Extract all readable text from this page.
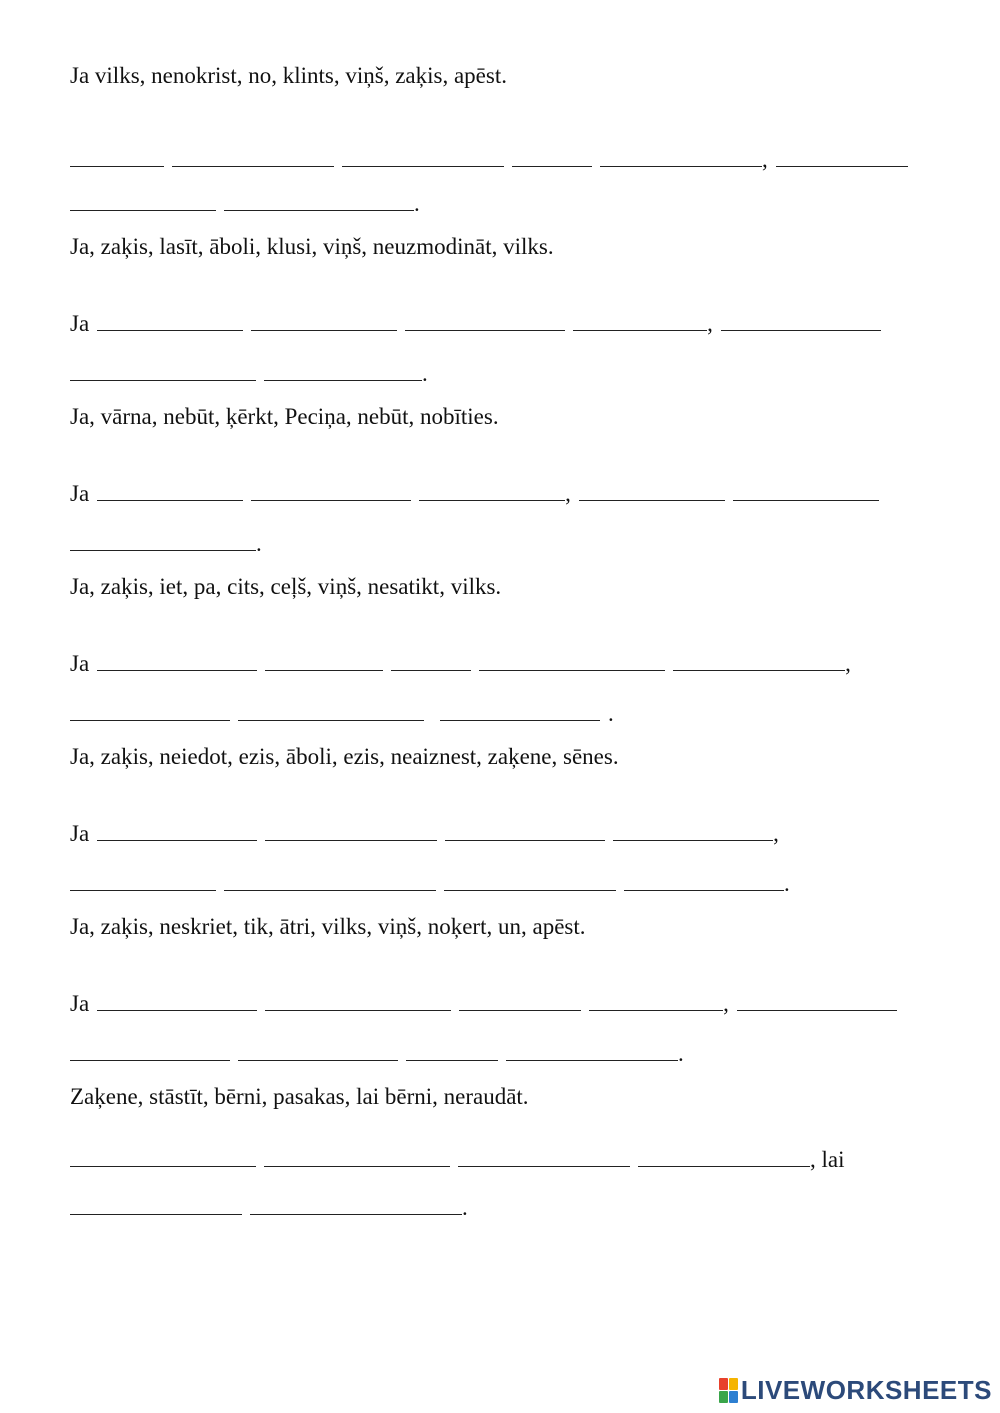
Ja vilks, nenokrist, no, klints, viņš, zaķis, apēst.
,
.
Ja, zaķis, lasīt, āboli, klusi, viņš, neuzmodināt, vilks.
Ja	,
.
Ja, vārna, nebūt, ķērkt, Peciņa, nebūt, nobīties.
Ja	,
.
Ja, zaķis, iet, pa, cits, ceļš, viņš, nesatikt, vilks.
Ja	,
.
Ja, zaķis, neiedot, ezis, āboli, ezis, neaiznest, zaķene, sēnes.
Ja	,
.
Ja, zaķis, neskriet, tik, ātri, vilks, viņš, noķert, un, apēst.
Ja	,
.
Zaķene, stāstīt, bērni, pasakas, lai bērni, neraudāt.
, lai
.
LIVEWORKSHEETS
